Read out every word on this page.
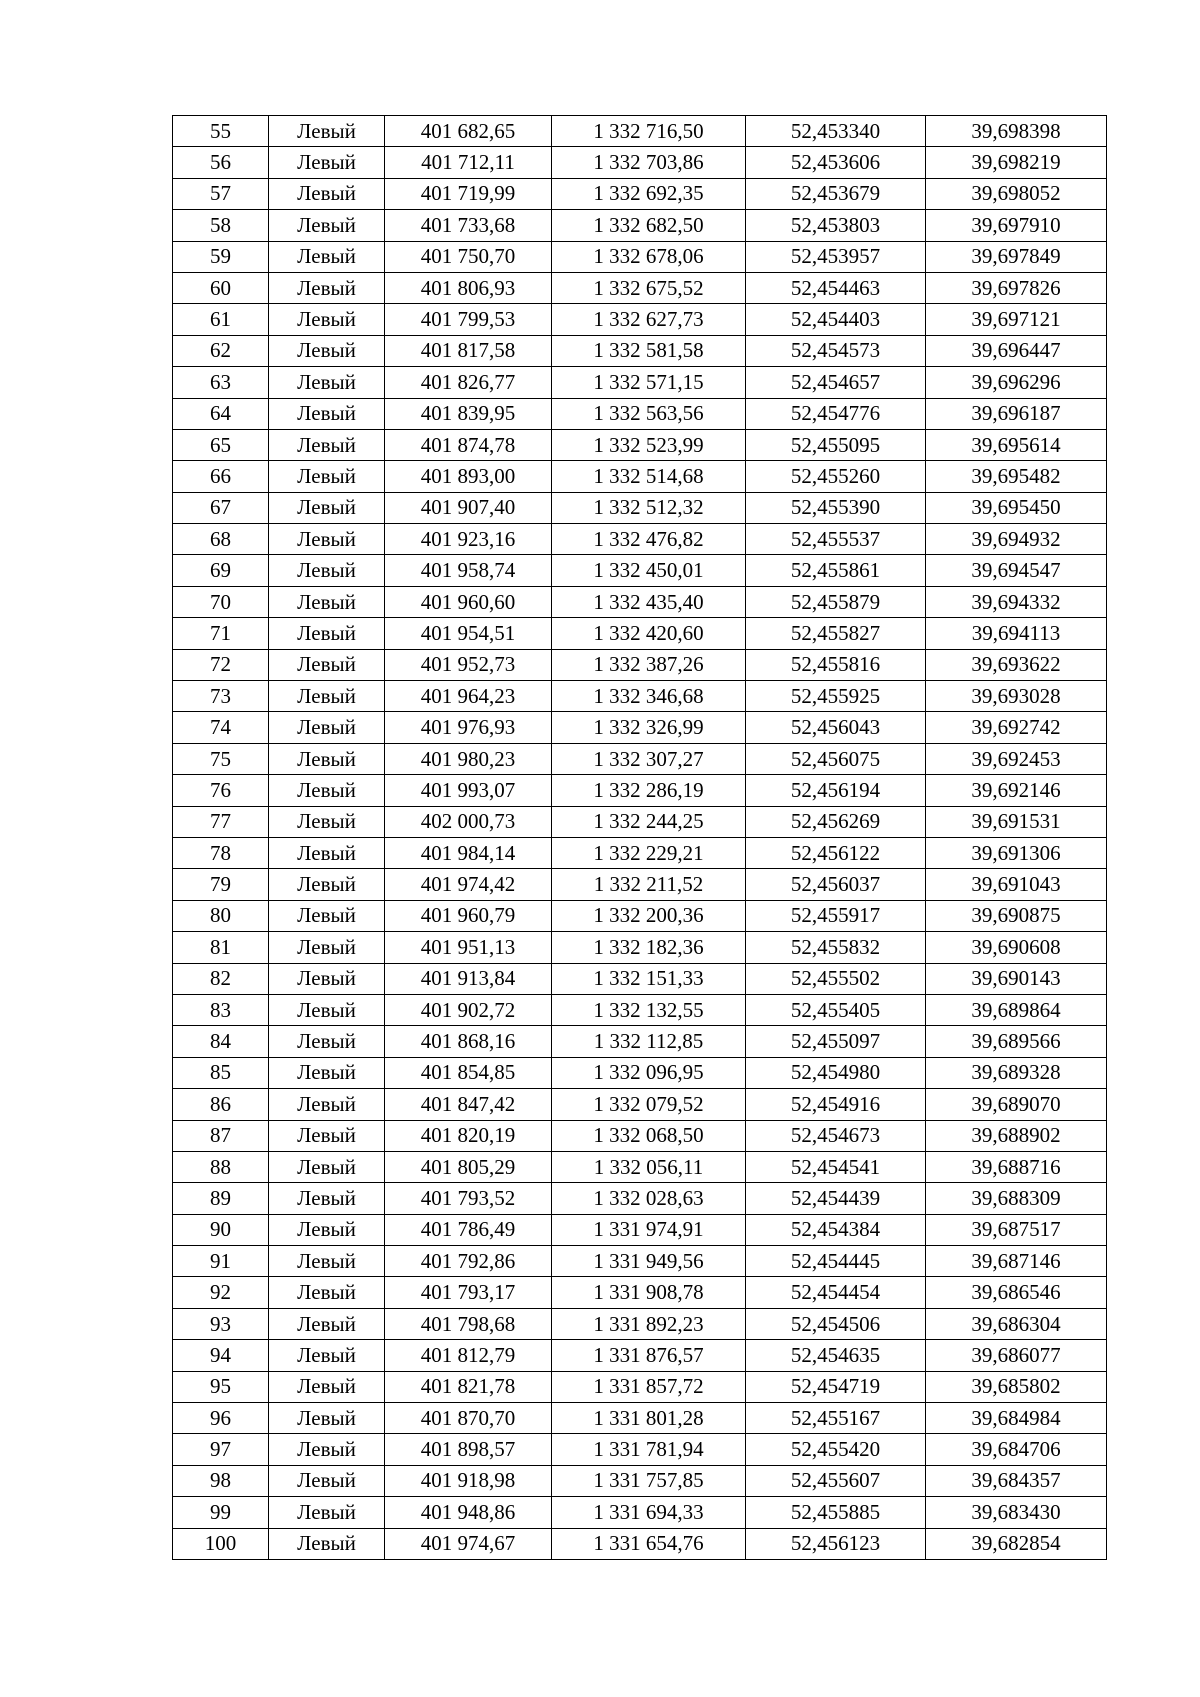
55	Левый	401 682,65	1 332 716,50	52,453340	39,698398
56	Левый	401 712,11	1 332 703,86	52,453606	39,698219
57	Левый	401 719,99	1 332 692,35	52,453679	39,698052
58	Левый	401 733,68	1 332 682,50	52,453803	39,697910
59	Левый	401 750,70	1 332 678,06	52,453957	39,697849
60	Левый	401 806,93	1 332 675,52	52,454463	39,697826
61	Левый	401 799,53	1 332 627,73	52,454403	39,697121
62	Левый	401 817,58	1 332 581,58	52,454573	39,696447
63	Левый	401 826,77	1 332 571,15	52,454657	39,696296
64	Левый	401 839,95	1 332 563,56	52,454776	39,696187
65	Левый	401 874,78	1 332 523,99	52,455095	39,695614
66	Левый	401 893,00	1 332 514,68	52,455260	39,695482
67	Левый	401 907,40	1 332 512,32	52,455390	39,695450
68	Левый	401 923,16	1 332 476,82	52,455537	39,694932
69	Левый	401 958,74	1 332 450,01	52,455861	39,694547
70	Левый	401 960,60	1 332 435,40	52,455879	39,694332
71	Левый	401 954,51	1 332 420,60	52,455827	39,694113
72	Левый	401 952,73	1 332 387,26	52,455816	39,693622
73	Левый	401 964,23	1 332 346,68	52,455925	39,693028
74	Левый	401 976,93	1 332 326,99	52,456043	39,692742
75	Левый	401 980,23	1 332 307,27	52,456075	39,692453
76	Левый	401 993,07	1 332 286,19	52,456194	39,692146
77	Левый	402 000,73	1 332 244,25	52,456269	39,691531
78	Левый	401 984,14	1 332 229,21	52,456122	39,691306
79	Левый	401 974,42	1 332 211,52	52,456037	39,691043
80	Левый	401 960,79	1 332 200,36	52,455917	39,690875
81	Левый	401 951,13	1 332 182,36	52,455832	39,690608
82	Левый	401 913,84	1 332 151,33	52,455502	39,690143
83	Левый	401 902,72	1 332 132,55	52,455405	39,689864
84	Левый	401 868,16	1 332 112,85	52,455097	39,689566
85	Левый	401 854,85	1 332 096,95	52,454980	39,689328
86	Левый	401 847,42	1 332 079,52	52,454916	39,689070
87	Левый	401 820,19	1 332 068,50	52,454673	39,688902
88	Левый	401 805,29	1 332 056,11	52,454541	39,688716
89	Левый	401 793,52	1 332 028,63	52,454439	39,688309
90	Левый	401 786,49	1 331 974,91	52,454384	39,687517
91	Левый	401 792,86	1 331 949,56	52,454445	39,687146
92	Левый	401 793,17	1 331 908,78	52,454454	39,686546
93	Левый	401 798,68	1 331 892,23	52,454506	39,686304
94	Левый	401 812,79	1 331 876,57	52,454635	39,686077
95	Левый	401 821,78	1 331 857,72	52,454719	39,685802
96	Левый	401 870,70	1 331 801,28	52,455167	39,684984
97	Левый	401 898,57	1 331 781,94	52,455420	39,684706
98	Левый	401 918,98	1 331 757,85	52,455607	39,684357
99	Левый	401 948,86	1 331 694,33	52,455885	39,683430
100	Левый	401 974,67	1 331 654,76	52,456123	39,682854
